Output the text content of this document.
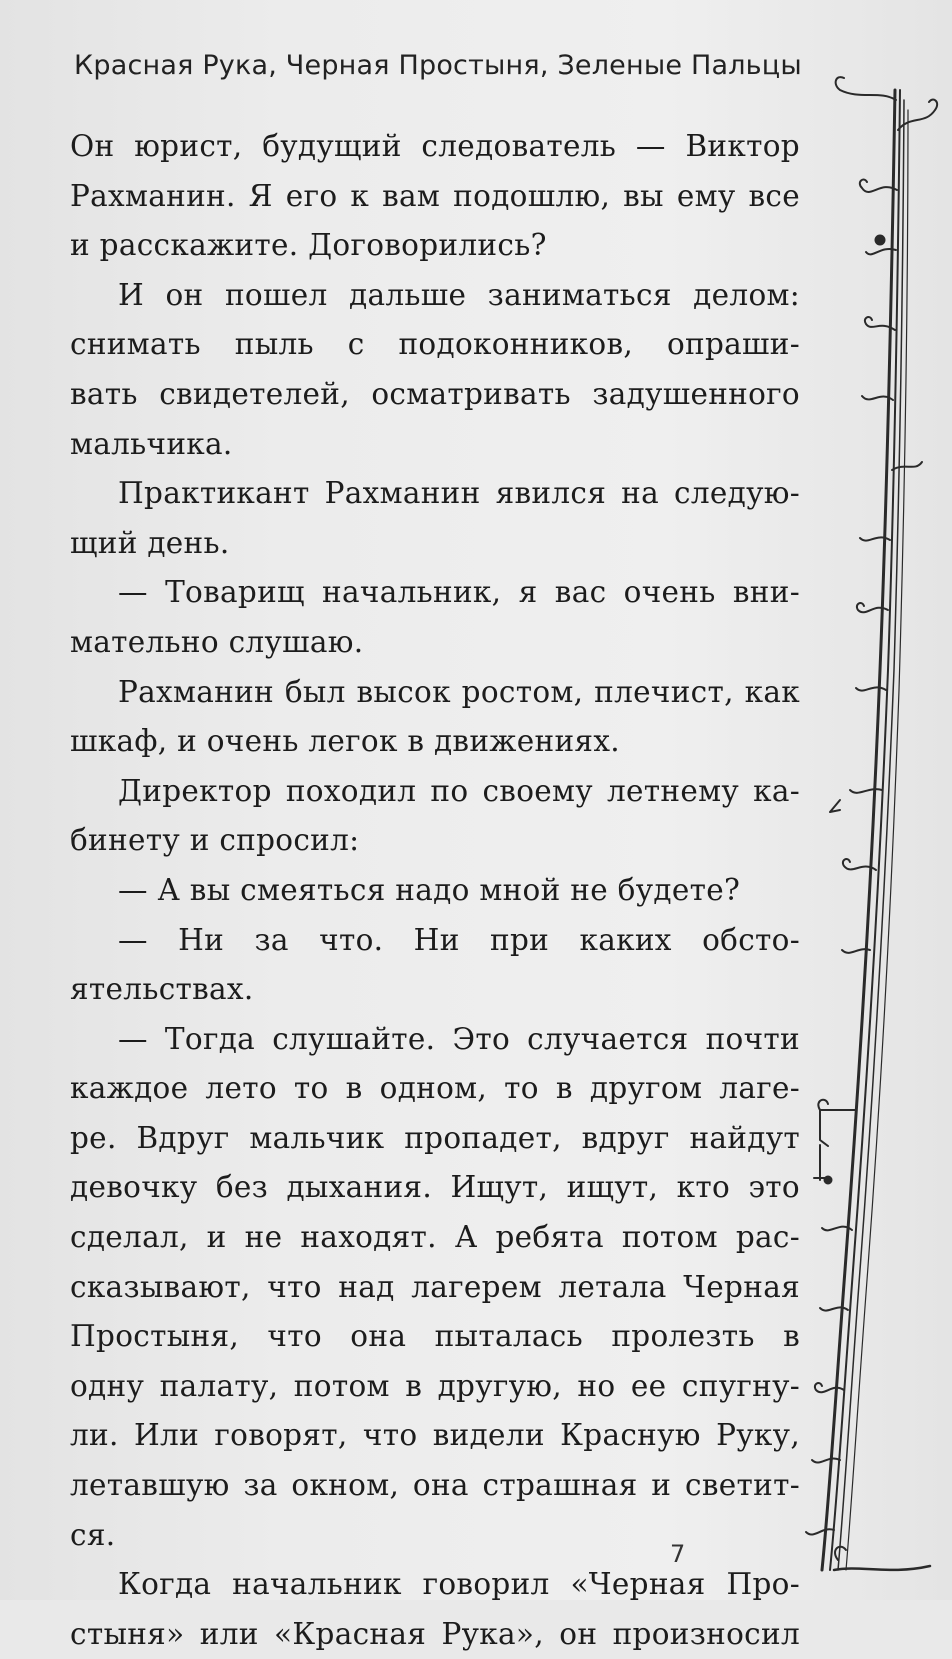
Красная Рука, Черная Простыня, Зеленые Пальцы
Он юрист, будущий следователь — Виктор
Рахманин. Я его к вам подошлю, вы ему все
и расскажите. Договорились?
И он пошел дальше заниматься делом:
снимать пыль с подоконников, опраши-
вать свидетелей, осматривать задушенного
мальчика.
Практикант Рахманин явился на следую-
щий день.
— Товарищ начальник, я вас очень вни-
мательно слушаю.
Рахманин был высок ростом, плечист, как
шкаф, и очень легок в движениях.
Директор походил по своему летнему ка-
бинету и спросил:
— А вы смеяться надо мной не будете?
— Ни за что. Ни при каких обсто-
ятельствах.
— Тогда слушайте. Это случается почти
каждое лето то в одном, то в другом лаге-
ре. Вдруг мальчик пропадет, вдруг найдут
девочку без дыхания. Ищут, ищут, кто это
сделал, и не находят. А ребята потом рас-
сказывают, что над лагерем летала Черная
Простыня, что она пыталась пролезть в
одну палату, потом в другую, но ее спугну-
ли. Или говорят, что видели Красную Руку,
летавшую за окном, она страшная и светит-
ся.
Когда начальник говорил «Черная Про-
стыня» или «Красная Рука», он произносил
7
